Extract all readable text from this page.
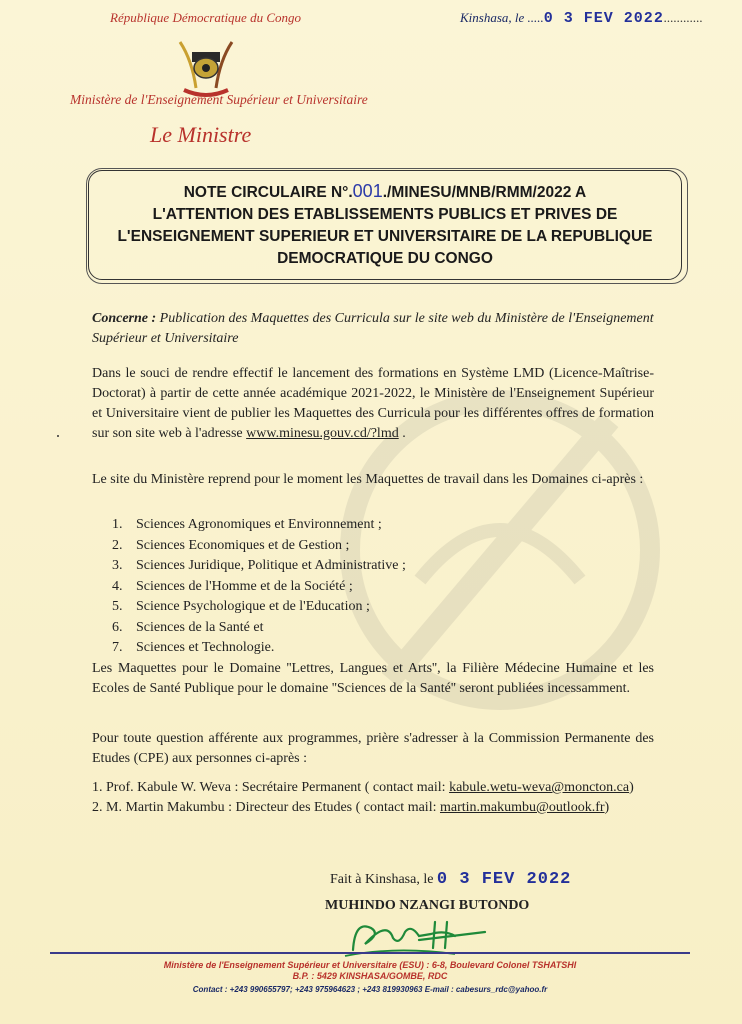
République Démocratique du Congo	Kinshasa, le .....0 3 FEV 2022............
Ministère de l'Enseignement Supérieur et Universitaire
Le Ministre
NOTE CIRCULAIRE N°.001./MINESU/MNB/RMM/2022 A
L'ATTENTION DES ETABLISSEMENTS PUBLICS ET PRIVES DE
L'ENSEIGNEMENT SUPERIEUR ET UNIVERSITAIRE DE LA REPUBLIQUE
DEMOCRATIQUE DU CONGO
Concerne : Publication des Maquettes des Curricula sur le site web du Ministère de l'Enseignement Supérieur et Universitaire
Dans le souci de rendre effectif le lancement des formations en Système LMD (Licence-Maîtrise-Doctorat) à partir de cette année académique 2021-2022, le Ministère de l'Enseignement Supérieur et Universitaire vient de publier les Maquettes des Curricula pour les différentes offres de formation sur son site web à l'adresse www.minesu.gouv.cd/?lmd .
Le site du Ministère reprend pour le moment les Maquettes de travail dans les Domaines ci-après :
1. Sciences Agronomiques et Environnement ;
2. Sciences Economiques et de Gestion ;
3. Sciences Juridique, Politique et Administrative ;
4. Sciences de l'Homme et de la Société ;
5. Science Psychologique et de l'Education ;
6. Sciences de la Santé et
7. Sciences et Technologie.
Les Maquettes pour le Domaine ''Lettres, Langues et Arts'', la Filière Médecine Humaine et les Ecoles de Santé Publique pour le domaine ''Sciences de la Santé'' seront publiées incessamment.
Pour toute question afférente aux programmes, prière s'adresser à la Commission Permanente des Etudes (CPE) aux personnes ci-après :
1. Prof. Kabule W. Weva : Secrétaire Permanent ( contact mail: kabule.wetu-weva@moncton.ca)
2. M. Martin Makumbu : Directeur des Etudes ( contact mail: martin.makumbu@outlook.fr)
Fait à Kinshasa, le 0 3 FEV 2022
MUHINDO NZANGI BUTONDO
Ministère de l'Enseignement Supérieur et Universitaire (ESU) : 6-8, Boulevard Colonel TSHATSHI
B.P. : 5429 KINSHASA/GOMBE, RDC
Contact : +243 990655797; +243 975964623 ; +243 819930963 E-mail : cabesurs_rdc@yahoo.fr
